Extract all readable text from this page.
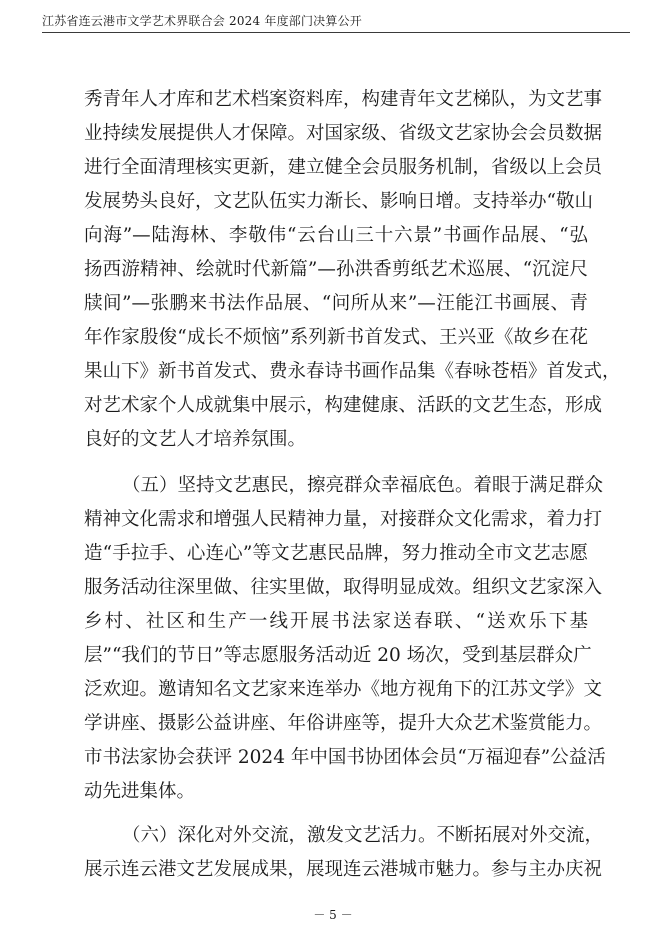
江苏省连云港市文学艺术界联合会 2024 年度部门决算公开
秀青年人才库和艺术档案资料库，构建青年文艺梯队，为文艺事
业持续发展提供人才保障。对国家级、省级文艺家协会会员数据
进行全面清理核实更新，建立健全会员服务机制，省级以上会员
发展势头良好，文艺队伍实力渐长、影响日增。支持举办“敬山
向海”—陆海林、李敬伟“云台山三十六景”书画作品展、“弘
扬西游精神、绘就时代新篇”—孙洪香剪纸艺术巡展、“沉淀尺
牍间”—张鹏来书法作品展、“问所从来”—汪能江书画展、青
年作家殷俊“成长不烦恼”系列新书首发式、王兴亚《故乡在花
果山下》新书首发式、费永春诗书画作品集《春咏苍梧》首发式，
对艺术家个人成就集中展示，构建健康、活跃的文艺生态，形成
良好的文艺人才培养氛围。
（五）坚持文艺惠民，擦亮群众幸福底色。着眼于满足群众
精神文化需求和增强人民精神力量，对接群众文化需求，着力打
造“手拉手、心连心”等文艺惠民品牌，努力推动全市文艺志愿
服务活动往深里做、往实里做，取得明显成效。组织文艺家深入
乡村、社区和生产一线开展书法家送春联、“送欢乐下基
层”“我们的节日”等志愿服务活动近 20 场次，受到基层群众广
泛欢迎。邀请知名文艺家来连举办《地方视角下的江苏文学》文
学讲座、摄影公益讲座、年俗讲座等，提升大众艺术鉴赏能力。
市书法家协会获评 2024 年中国书协团体会员“万福迎春”公益活
动先进集体。
（六）深化对外交流，激发文艺活力。不断拓展对外交流，
展示连云港文艺发展成果，展现连云港城市魅力。参与主办庆祝
－ 5 －
